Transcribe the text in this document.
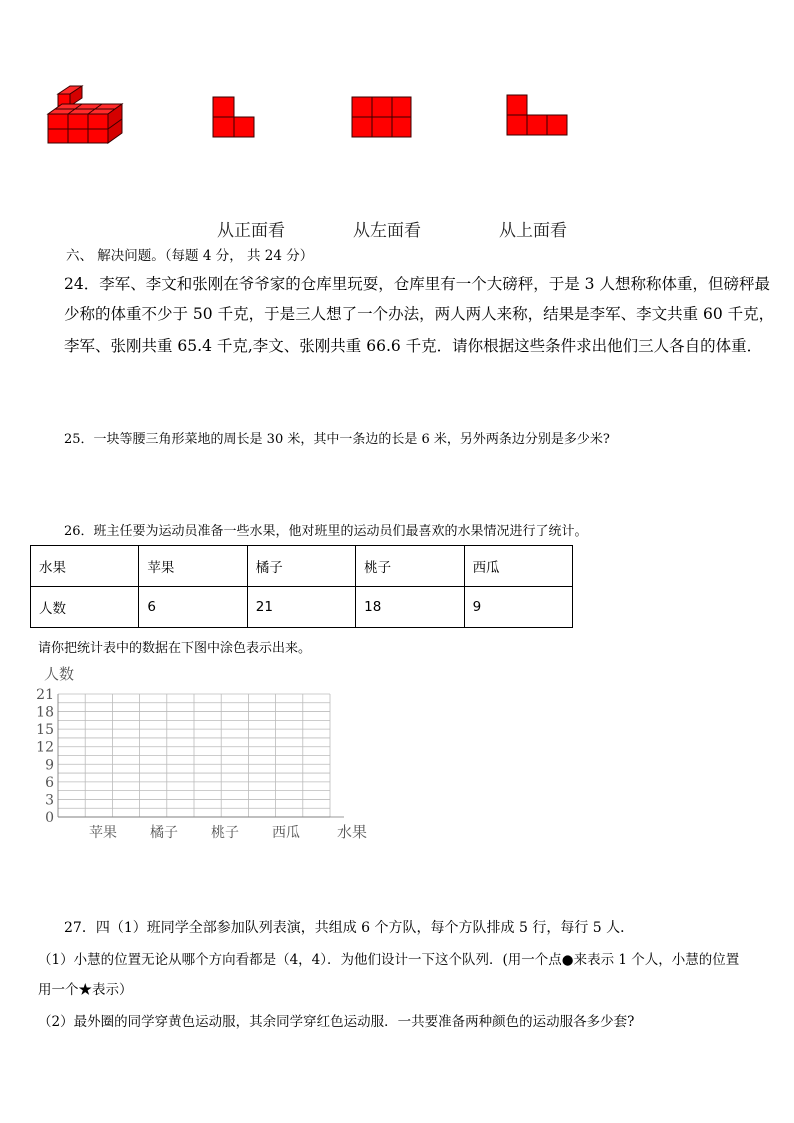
从正面看	从左面看	从上面看
六、 解决问题。（每题 4 分， 共 24 分）
24．李军、李文和张刚在爷爷家的仓库里玩耍，仓库里有一个大磅秤，于是 3 人想称称体重，但磅秤最
少称的体重不少于 50 千克，于是三人想了一个办法，两人两人来称，结果是李军、李文共重 60 千克，
李军、张刚共重 65.4 千克,李文、张刚共重 66.6 千克．请你根据这些条件求出他们三人各自的体重．
25．一块等腰三角形菜地的周长是 30 米，其中一条边的长是 6 米，另外两条边分别是多少米?
26．班主任要为运动员准备一些水果，他对班里的运动员们最喜欢的水果情况进行了统计。
水果	苹果	橘子	桃子	西瓜
人数	6	21	18	9
请你把统计表中的数据在下图中涂色表示出来。
21
18
15
12
9
6
3
0
苹果 橘子 桃子 西瓜
人数
水果
27．四（1）班同学全部参加队列表演，共组成 6 个方队，每个方队排成 5 行，每行 5 人．
（1）小慧的位置无论从哪个方向看都是（4，4）．为他们设计一下这个队列．(用一个点●来表示 1 个人，小慧的位置
用一个★表示）
（2）最外圈的同学穿黄色运动服，其余同学穿红色运动服．一共要准备两种颜色的运动服各多少套?
